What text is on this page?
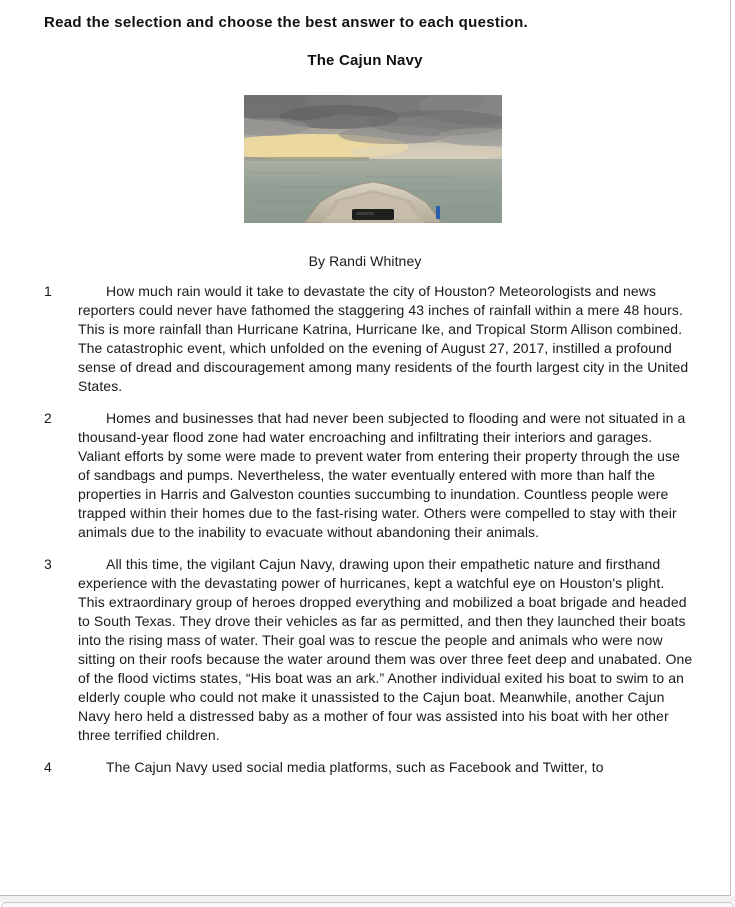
Read the selection and choose the best answer to each question.
The Cajun Navy
By Randi Whitney
1	How much rain would it take to devastate the city of Houston? Meteorologists and news reporters could never have fathomed the staggering 43 inches of rainfall within a mere 48 hours. This is more rainfall than Hurricane Katrina, Hurricane Ike, and Tropical Storm Allison combined. The catastrophic event, which unfolded on the evening of August 27, 2017, instilled a profound sense of dread and discouragement among many residents of the fourth largest city in the United States.
2	Homes and businesses that had never been subjected to flooding and were not situated in a thousand-year flood zone had water encroaching and infiltrating their interiors and garages. Valiant efforts by some were made to prevent water from entering their property through the use of sandbags and pumps. Nevertheless, the water eventually entered with more than half the properties in Harris and Galveston counties succumbing to inundation. Countless people were trapped within their homes due to the fast-rising water. Others were compelled to stay with their animals due to the inability to evacuate without abandoning their animals.
3	All this time, the vigilant Cajun Navy, drawing upon their empathetic nature and firsthand experience with the devastating power of hurricanes, kept a watchful eye on Houston's plight. This extraordinary group of heroes dropped everything and mobilized a boat brigade and headed to South Texas. They drove their vehicles as far as permitted, and then they launched their boats into the rising mass of water. Their goal was to rescue the people and animals who were now sitting on their roofs because the water around them was over three feet deep and unabated. One of the flood victims states, “His boat was an ark.” Another individual exited his boat to swim to an elderly couple who could not make it unassisted to the Cajun boat. Meanwhile, another Cajun Navy hero held a distressed baby as a mother of four was assisted into his boat with her other three terrified children.
4	The Cajun Navy used social media platforms, such as Facebook and Twitter, to
